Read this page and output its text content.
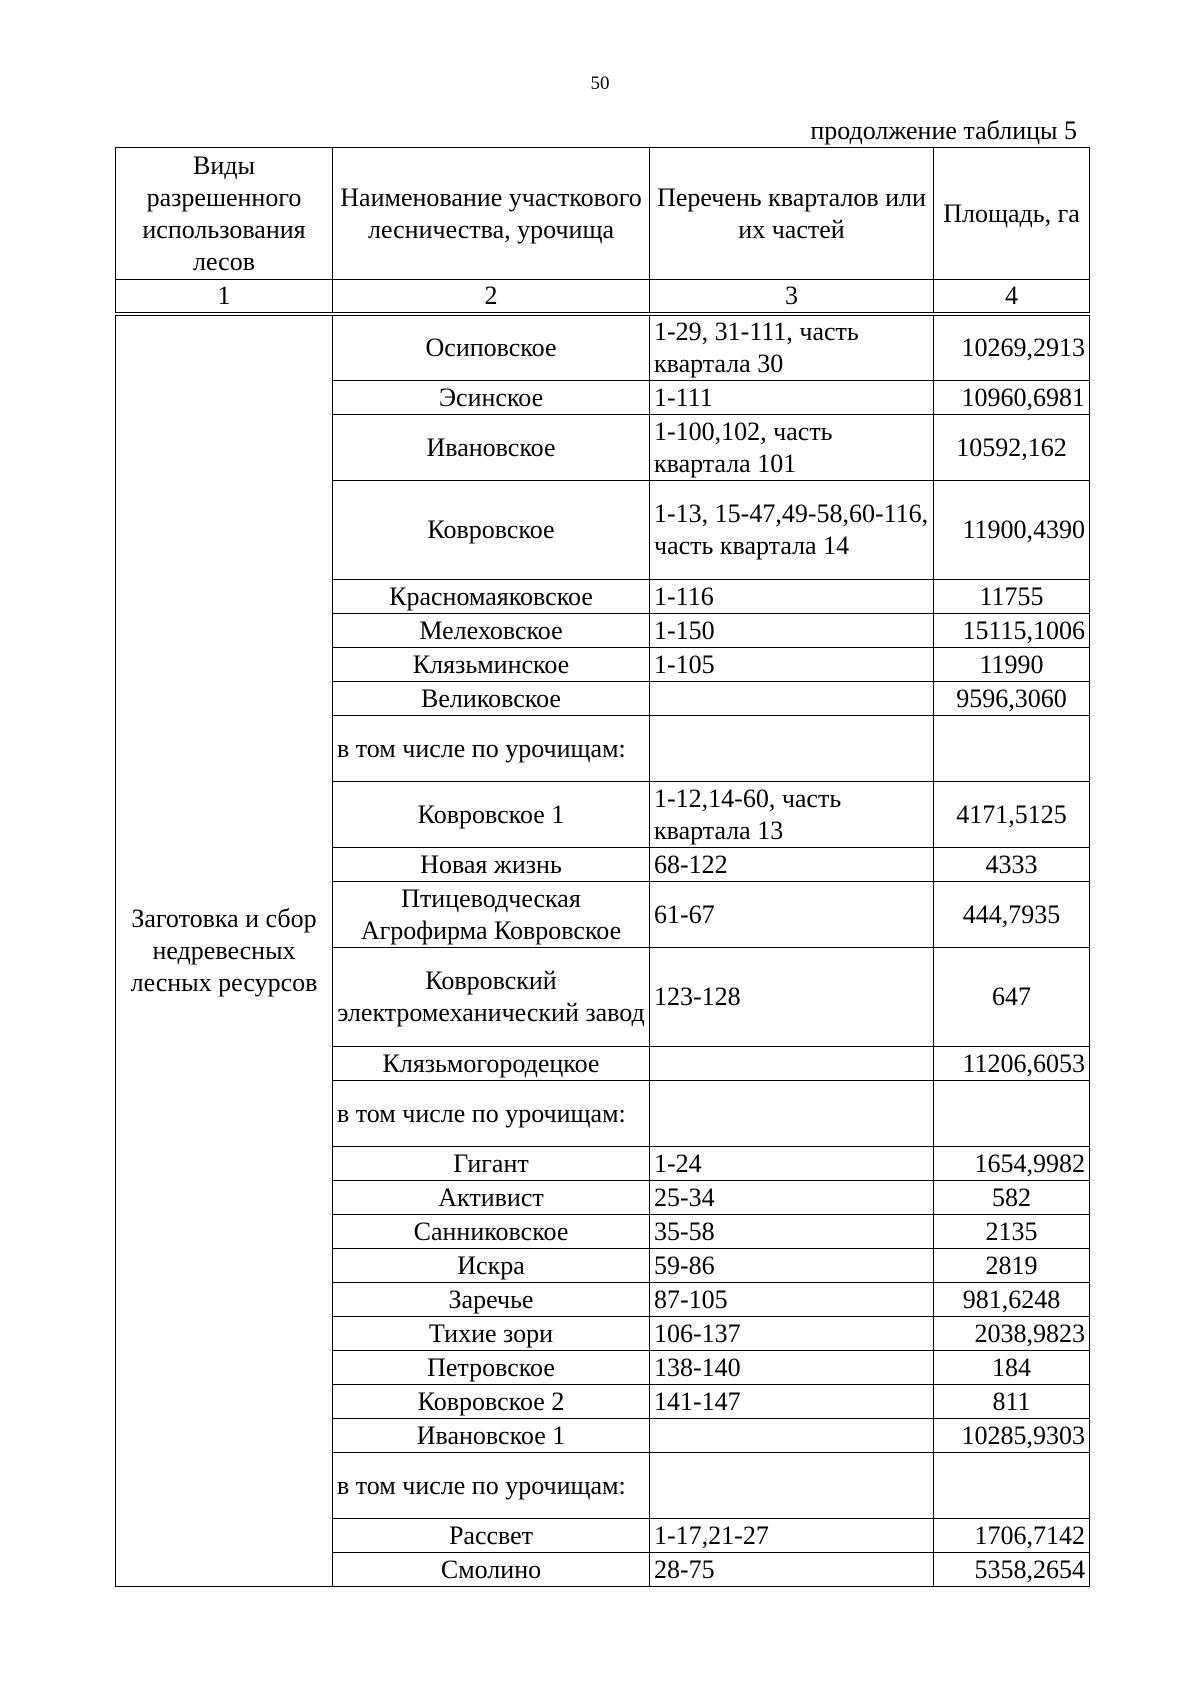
50
продолжение таблицы 5
Виды разрешенного использования лесов	Наименование участкового лесничества, урочища	Перечень кварталов или их частей	Площадь, га
1	2	3	4
Заготовка и сбор недревесных лесных ресурсов	Осиповское	1-29, 31-111, часть квартала 30	10269,2913
	Эсинское	1-111	10960,6981
	Ивановское	1-100,102, часть квартала 101	10592,162
	Ковровское	1-13, 15-47,49-58,60-116, часть квартала 14	11900,4390
	Красномаяковское	1-116	11755
	Мелеховское	1-150	15115,1006
	Клязьминское	1-105	11990
	Великовское		9596,3060
	в том числе по урочищам:		
	Ковровское 1	1-12,14-60, часть квартала 13	4171,5125
	Новая жизнь	68-122	4333
	Птицеводческая Агрофирма Ковровское	61-67	444,7935
	Ковровский электромеханический завод	123-128	647
	Клязьмогородецкое		11206,6053
	в том числе по урочищам:		
	Гигант	1-24	1654,9982
	Активист	25-34	582
	Санниковское	35-58	2135
	Искра	59-86	2819
	Заречье	87-105	981,6248
	Тихие зори	106-137	2038,9823
	Петровское	138-140	184
	Ковровское 2	141-147	811
	Ивановское 1		10285,9303
	в том числе по урочищам:		
	Рассвет	1-17,21-27	1706,7142
	Смолино	28-75	5358,2654
